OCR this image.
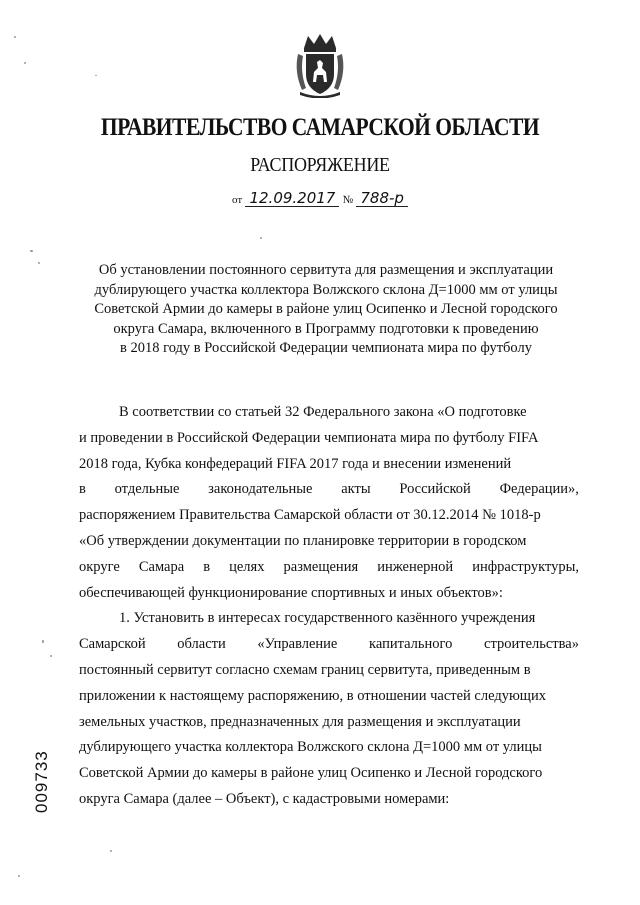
ПРАВИТЕЛЬСТВО САМАРСКОЙ ОБЛАСТИ
РАСПОРЯЖЕНИЕ
от 12.09.2017 № 788-р
Об установлении постоянного сервитута для размещения и эксплуатации
дублирующего участка коллектора Волжского склона Д=1000 мм от улицы
Советской Армии до камеры в районе улиц Осипенко и Лесной городского
округа Самара, включенного в Программу подготовки к проведению
в 2018 году в Российской Федерации чемпионата мира по футболу
В соответствии со статьей 32 Федерального закона «О подготовке
и проведении в Российской Федерации чемпионата мира по футболу FIFA
2018 года, Кубка конфедераций FIFA 2017 года и внесении изменений
в отдельные законодательные акты Российской Федерации»,
распоряжением Правительства Самарской области от 30.12.2014 № 1018-р
«Об утверждении документации по планировке территории в городском
округе Самара в целях размещения инженерной инфраструктуры,
обеспечивающей функционирование спортивных и иных объектов»:
1. Установить в интересах государственного казённого учреждения
Самарской области «Управление капитального строительства»
постоянный сервитут согласно схемам границ сервитута, приведенным в
приложении к настоящему распоряжению, в отношении частей следующих
земельных участков, предназначенных для размещения и эксплуатации
дублирующего участка коллектора Волжского склона Д=1000 мм от улицы
Советской Армии до камеры в районе улиц Осипенко и Лесной городского
округа Самара (далее – Объект), с кадастровыми номерами:
009733
